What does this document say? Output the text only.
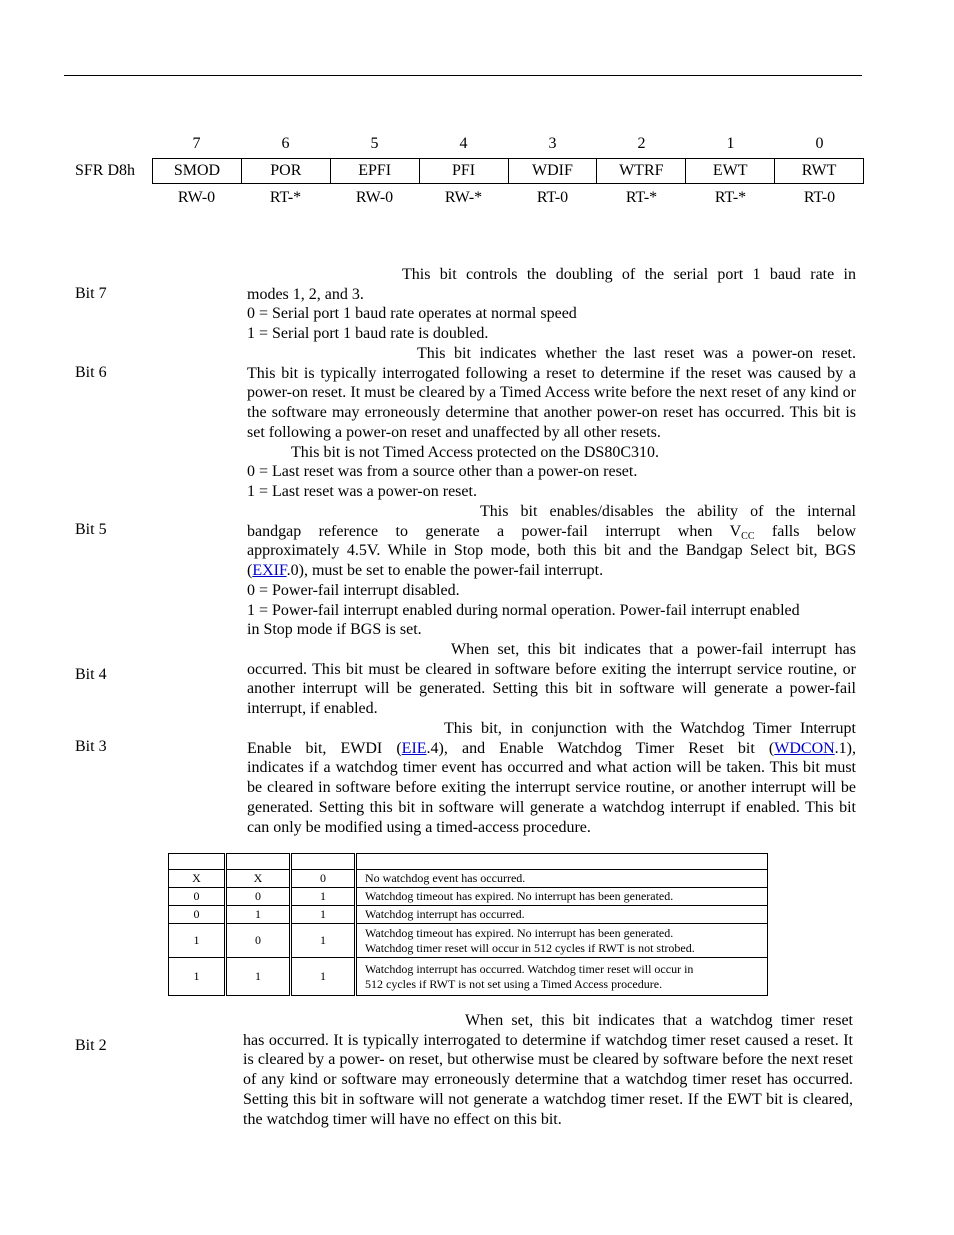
7	6	5	4	3	2	1	0
SFR D8h SMOD	POR	EPFI	PFI	WDIF	WTRF	EWT	RWT
RW-0	RT-*	RW-0	RW-*	RT-0	RT-*	RT-*	RT-0
Bit 7

This bit controls the doubling of the serial port 1 baud rate in

modes 1, 2, and 3.

0 = Serial port 1 baud rate operates at normal speed

1 = Serial port 1 baud rate is doubled.

Bit 6

This bit indicates whether the last reset was a power-on reset.

This bit is typically interrogated following a reset to determine if the reset was caused by a power-on reset. It must be cleared by a Timed Access write before the next reset of any kind or the software may erroneously determine that another power-on reset has occurred. This bit is set following a power-on reset and unaffected by all other resets.

This bit is not Timed Access protected on the DS80C310.

0 = Last reset was from a source other than a power-on reset.

1 = Last reset was a power-on reset.

Bit 5

This bit enables/disables the ability of the internal

bandgap reference to generate a power-fail interrupt when $V_{CC}$ falls below

approximately 4.5V. While in Stop mode, both this bit and the Bandgap Select bit, BGS

(EXIF.0), must be set to enable the power-fail interrupt.

0 = Power-fail interrupt disabled.

1 = Power-fail interrupt enabled during normal operation. Power-fail interrupt enabled

in Stop mode if BGS is set.

Bit 4

When set, this bit indicates that a power-fail interrupt has

occurred. This bit must be cleared in software before exiting the interrupt service routine, or another interrupt will be generated. Setting this bit in software will generate a power-fail interrupt, if enabled.

Bit 3

This bit, in conjunction with the Watchdog Timer Interrupt

Enable bit, EWDI (EIE.4), and Enable Watchdog Timer Reset bit (WDCON.1),

indicates if a watchdog timer event has occurred and what action will be taken. This bit must be cleared in software before exiting the interrupt service routine, or another interrupt will be generated. Setting this bit in software will generate a watchdog interrupt if enabled. This bit can only be modified using a timed-access procedure.

X		X		0		No watchdog event has occurred.
0		0		1		Watchdog timeout has expired. No interrupt has been generated.
0		1		1		Watchdog interrupt has occurred.
1		0		1		Watchdog timeout has expired. No interrupt has been generated.
Watchdog timer reset will occur in 512 cycles if RWT is not strobed.

1		1		1		Watchdog interrupt has occurred. Watchdog timer reset will occur in
512 cycles if RWT is not set using a Timed Access procedure.
Bit 2

When set, this bit indicates that a watchdog timer reset

has occurred. It is typically interrogated to determine if watchdog timer reset caused a reset. It is cleared by a power- on reset, but otherwise must be cleared by software before the next reset of any kind or software may erroneously determine that a watchdog timer reset has occurred. Setting this bit in software will not generate a watchdog timer reset. If the EWT bit is cleared, the watchdog timer will have no effect on this bit.
